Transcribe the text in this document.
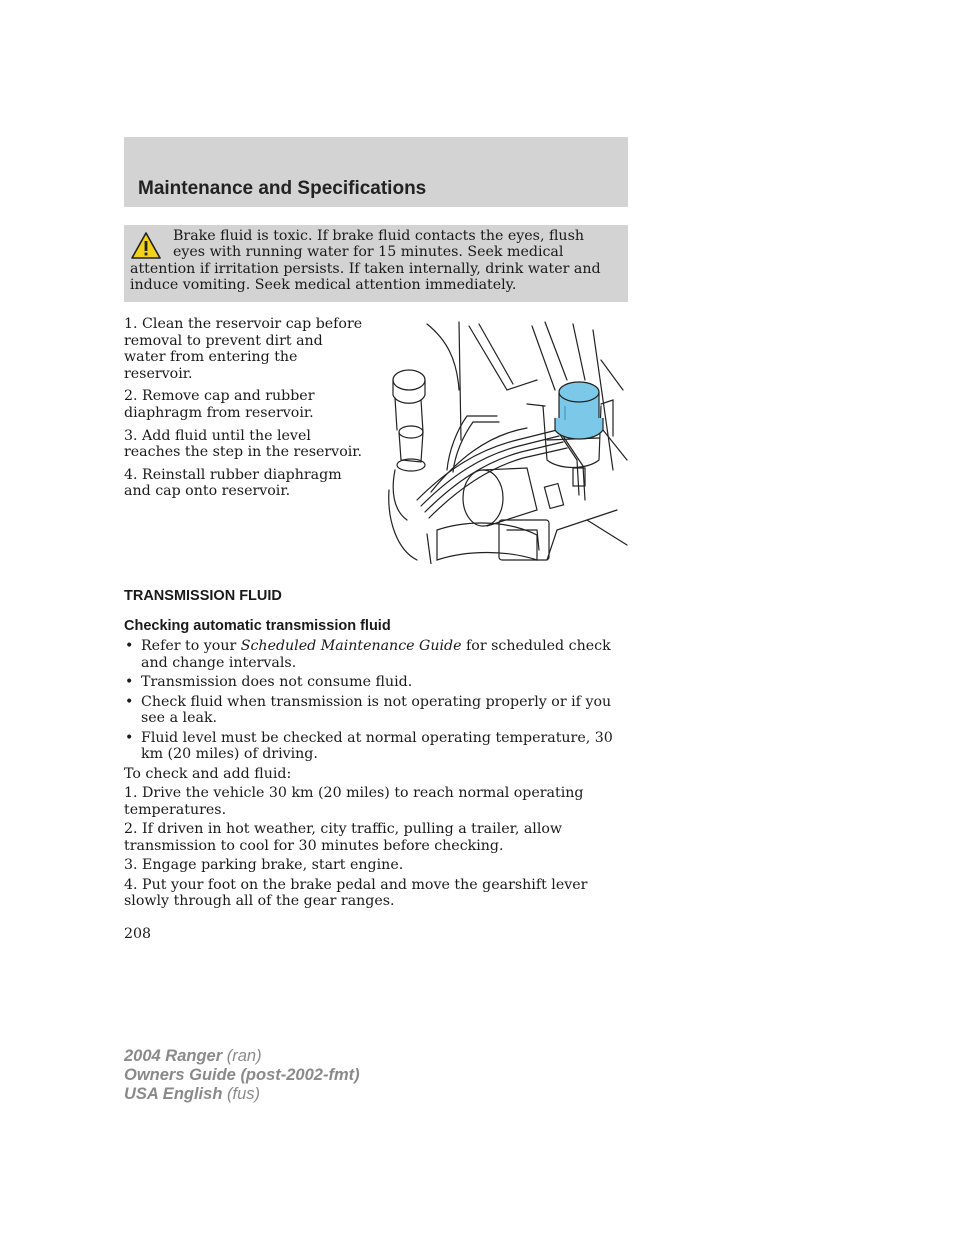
Maintenance and Specifications
Brake fluid is toxic. If brake fluid contacts the eyes, flush eyes with running water for 15 minutes. Seek medical attention if irritation persists. If taken internally, drink water and induce vomiting. Seek medical attention immediately.

1. Clean the reservoir cap before removal to prevent dirt and water from entering the reservoir.

2. Remove cap and rubber diaphragm from reservoir.

3. Add fluid until the level reaches the step in the reservoir.

4. Reinstall rubber diaphragm and cap onto reservoir.

TRANSMISSION FLUID
Checking automatic transmission fluid
• Refer to your Scheduled Maintenance Guide for scheduled check and change intervals.
• Transmission does not consume fluid.
• Check fluid when transmission is not operating properly or if you see a leak.
• Fluid level must be checked at normal operating temperature, 30 km (20 miles) of driving.

To check and add fluid:

1. Drive the vehicle 30 km (20 miles) to reach normal operating temperatures.

2. If driven in hot weather, city traffic, pulling a trailer, allow transmission to cool for 30 minutes before checking.

3. Engage parking brake, start engine.

4. Put your foot on the brake pedal and move the gearshift lever slowly through all of the gear ranges.

208
2004 Ranger (ran)
Owners Guide (post-2002-fmt)
USA English (fus)
